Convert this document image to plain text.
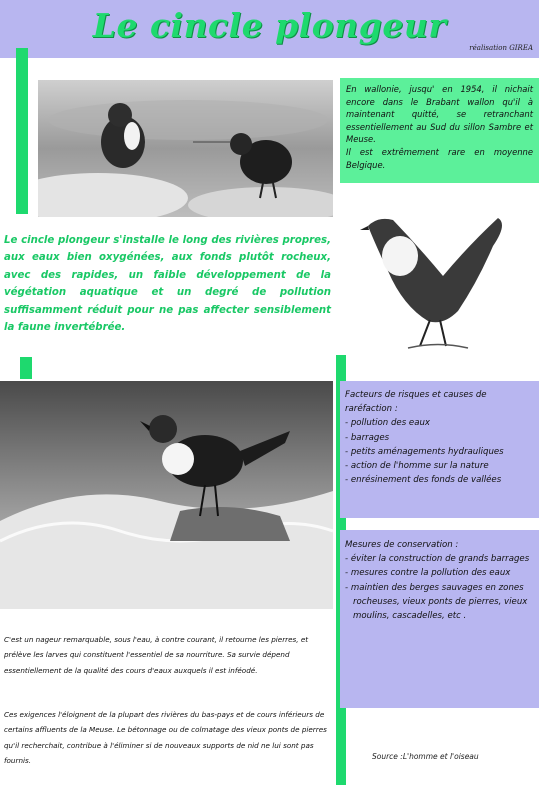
Le cincle plongeur
réalisation GIREA
En wallonie, jusqu' en 1954, il nichait encore dans le Brabant wallon qu'il à maintenant quitté, se retranchant essentiellement au Sud du sillon Sambre et Meuse.
Il est extrêmement rare en moyenne Belgique.
Le cincle plongeur s'installe le long des rivières propres, aux eaux bien oxygénées, aux fonds plutôt rocheux, avec des rapides, un faible développement de la végétation aquatique et un degré de pollution suffisamment réduit pour ne pas affecter sensiblement la faune invertébrée.
Facteurs de risques et causes de raréfaction :
- pollution des eaux
- barrages
- petits aménagements hydrauliques
- action de l'homme sur la nature
- enrésinement des fonds de vallées
Mesures de conservation :
- éviter la construction de grands barrages
- mesures contre la pollution des eaux
- maintien des berges sauvages en zones rocheuses, vieux ponts de pierres, vieux moulins, cascadelles, etc .
C'est un nageur remarquable, sous l'eau, à contre courant, il retourne les pierres, et prélève les larves qui constituent l'essentiel de sa nourriture. Sa survie dépend essentiellement de la qualité des cours d'eaux auxquels il est inféodé.
Ces exigences l'éloignent de la plupart des rivières du bas-pays et de cours inférieurs de certains affluents de la Meuse. Le bétonnage ou de colmatage des vieux ponts de pierres qu'il recherchait, contribue à l'éliminer si de nouveaux supports de nid ne lui sont pas fournis.	Source :L'homme et l'oiseau
